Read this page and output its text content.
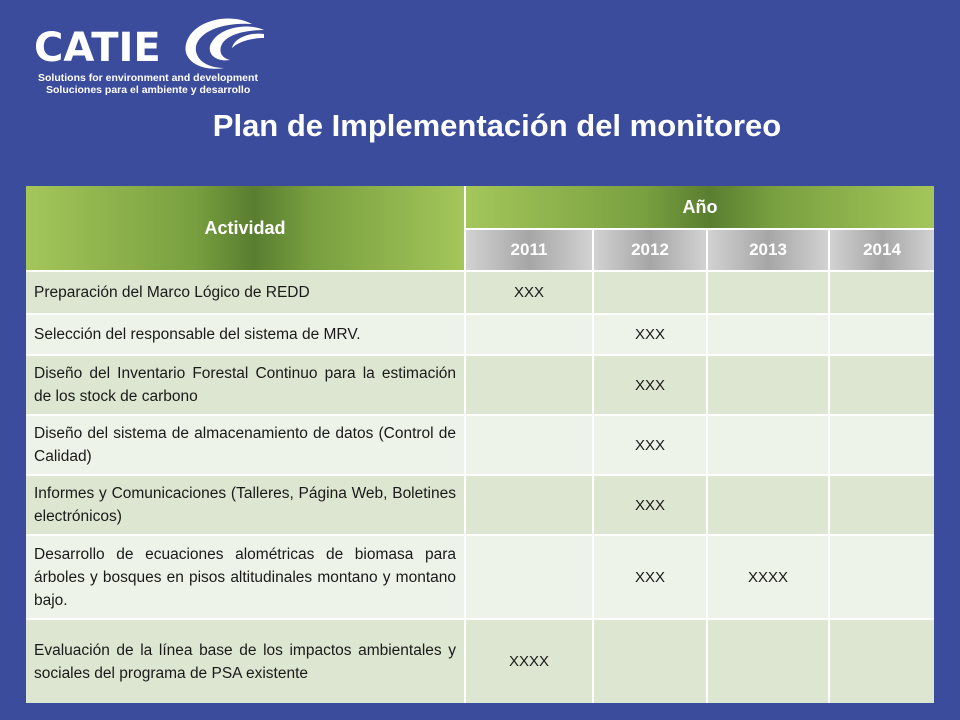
CATIE
Solutions for environment and development
Soluciones para el ambiente y desarrollo
Plan de Implementación del monitoreo
Actividad	Año			
	2011	2012	2013	2014
Preparación del Marco Lógico de REDD	XXX			
Selección del responsable del sistema de MRV.		XXX		
Diseño del Inventario Forestal Continuo para la estimación de los stock de carbono		XXX		
Diseño del sistema de almacenamiento de datos (Control de Calidad)		XXX		
Informes y Comunicaciones (Talleres, Página Web, Boletines electrónicos)		XXX		
Desarrollo de ecuaciones alométricas de biomasa para árboles y bosques en pisos altitudinales montano y montano bajo.		XXX	XXXX	
Evaluación de la línea base de los impactos ambientales y sociales del programa de PSA existente	XXXX			
